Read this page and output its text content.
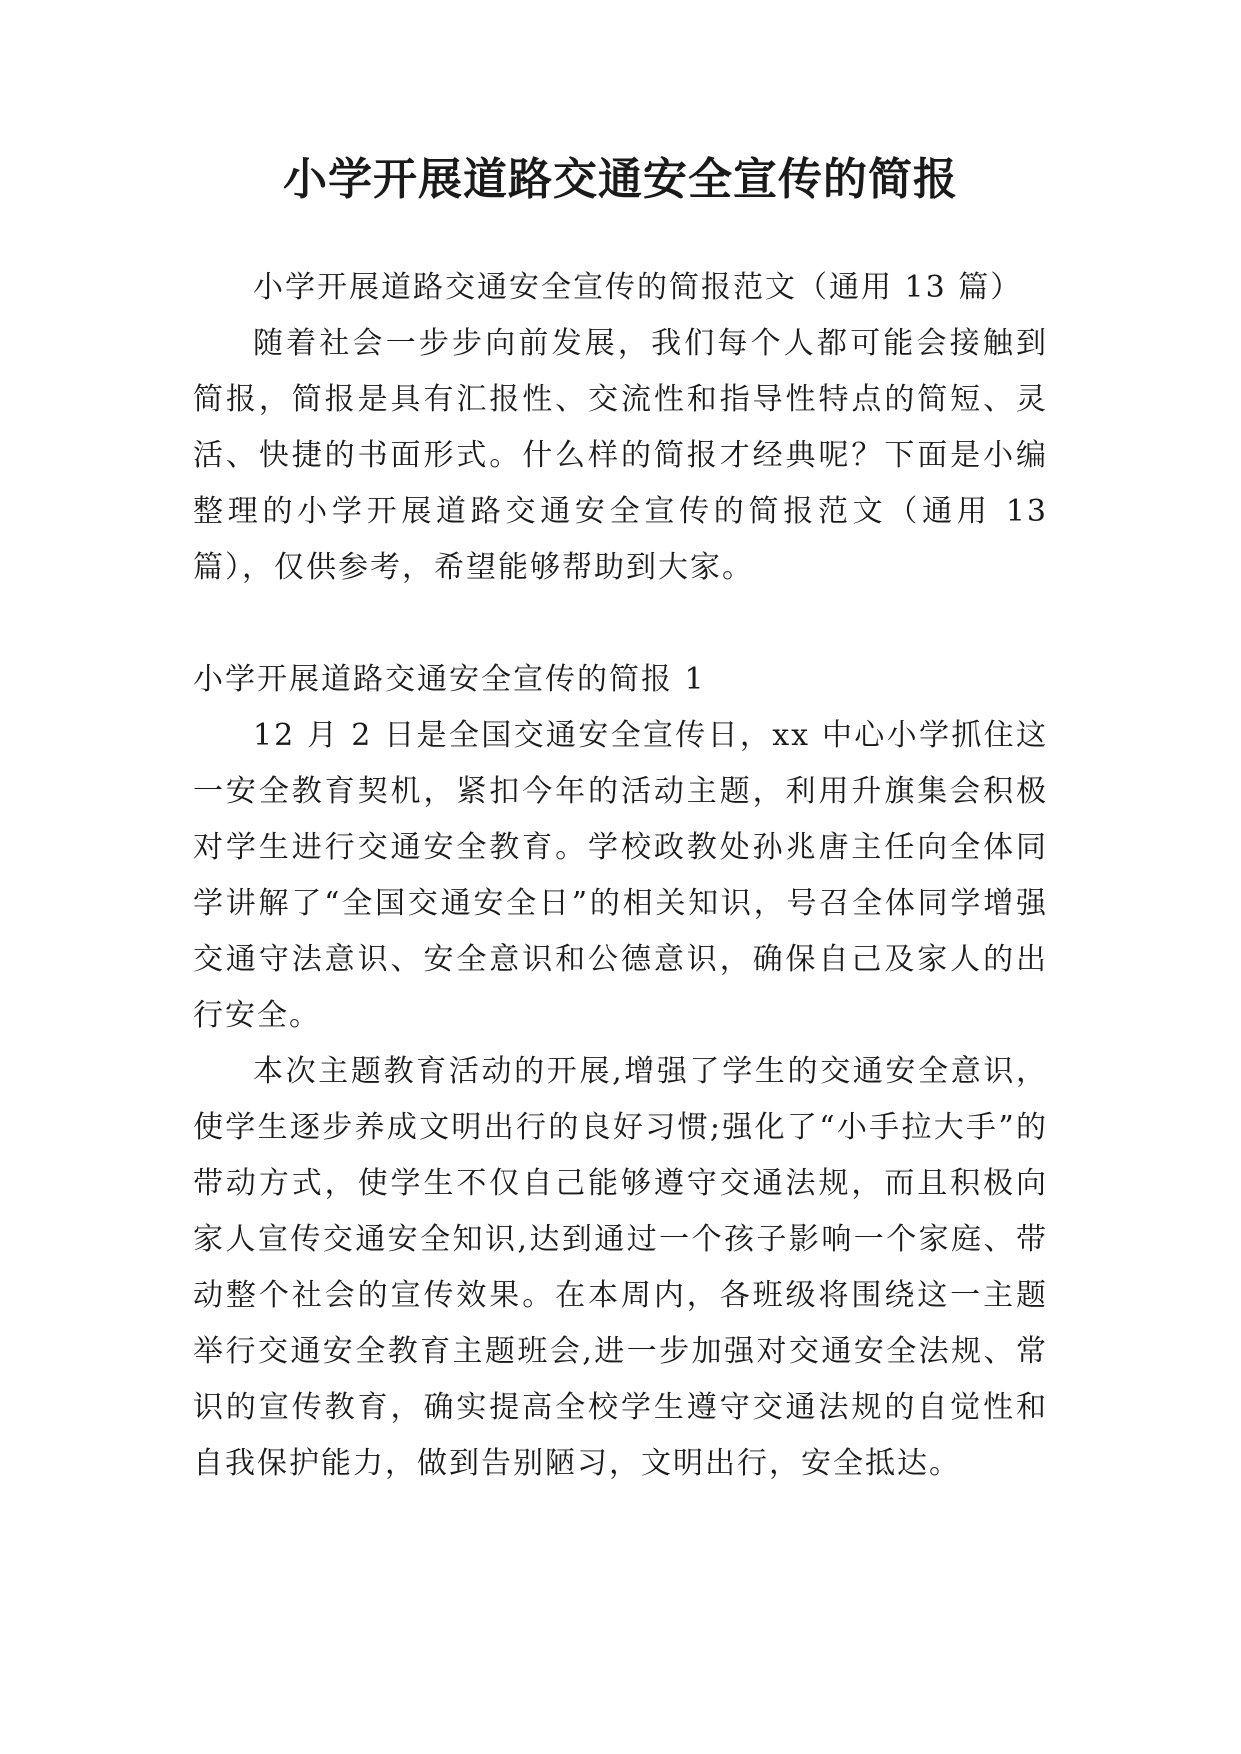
小学开展道路交通安全宣传的简报

小学开展道路交通安全宣传的简报范文（通用 13 篇）

随着社会一步步向前发展，我们每个人都可能会接触到简报，简报是具有汇报性、交流性和指导性特点的简短、灵活、快捷的书面形式。什么样的简报才经典呢？下面是小编整理的小学开展道路交通安全宣传的简报范文（通用 13 篇），仅供参考，希望能够帮助到大家。

小学开展道路交通安全宣传的简报 1

12 月 2 日是全国交通安全宣传日，xx 中心小学抓住这一安全教育契机，紧扣今年的活动主题，利用升旗集会积极对学生进行交通安全教育。学校政教处孙兆唐主任向全体同学讲解了“全国交通安全日”的相关知识，号召全体同学增强交通守法意识、安全意识和公德意识，确保自己及家人的出行安全。

本次主题教育活动的开展,增强了学生的交通安全意识，使学生逐步养成文明出行的良好习惯;强化了“小手拉大手”的带动方式，使学生不仅自己能够遵守交通法规，而且积极向家人宣传交通安全知识,达到通过一个孩子影响一个家庭、带动整个社会的宣传效果。在本周内，各班级将围绕这一主题举行交通安全教育主题班会,进一步加强对交通安全法规、常识的宣传教育，确实提高全校学生遵守交通法规的自觉性和自我保护能力，做到告别陋习，文明出行，安全抵达。
